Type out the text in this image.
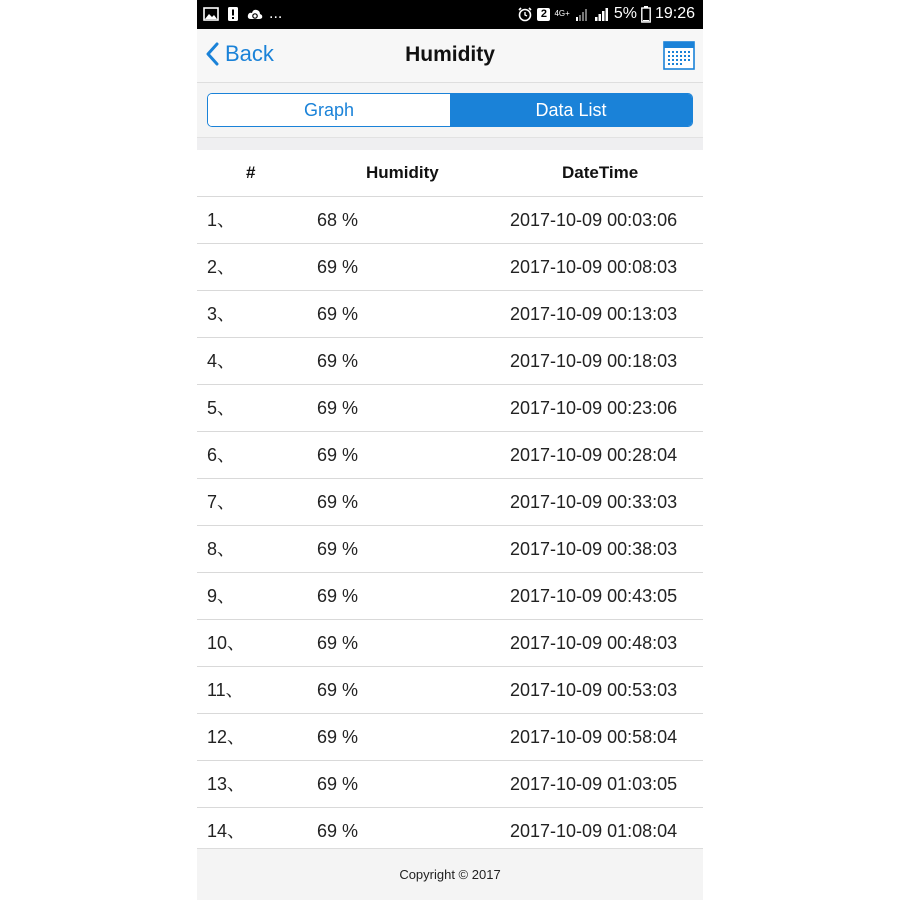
...	2 4G+	5% 19:26
Back	Humidity
Graph	Data List
#	Humidity	DateTime
1、	68 %	2017-10-09 00:03:06
2、	69 %	2017-10-09 00:08:03
3、	69 %	2017-10-09 00:13:03
4、	69 %	2017-10-09 00:18:03
5、	69 %	2017-10-09 00:23:06
6、	69 %	2017-10-09 00:28:04
7、	69 %	2017-10-09 00:33:03
8、	69 %	2017-10-09 00:38:03
9、	69 %	2017-10-09 00:43:05
10、	69 %	2017-10-09 00:48:03
11、	69 %	2017-10-09 00:53:03
12、	69 %	2017-10-09 00:58:04
13、	69 %	2017-10-09 01:03:05
14、	69 %	2017-10-09 01:08:04
Copyright © 2017
